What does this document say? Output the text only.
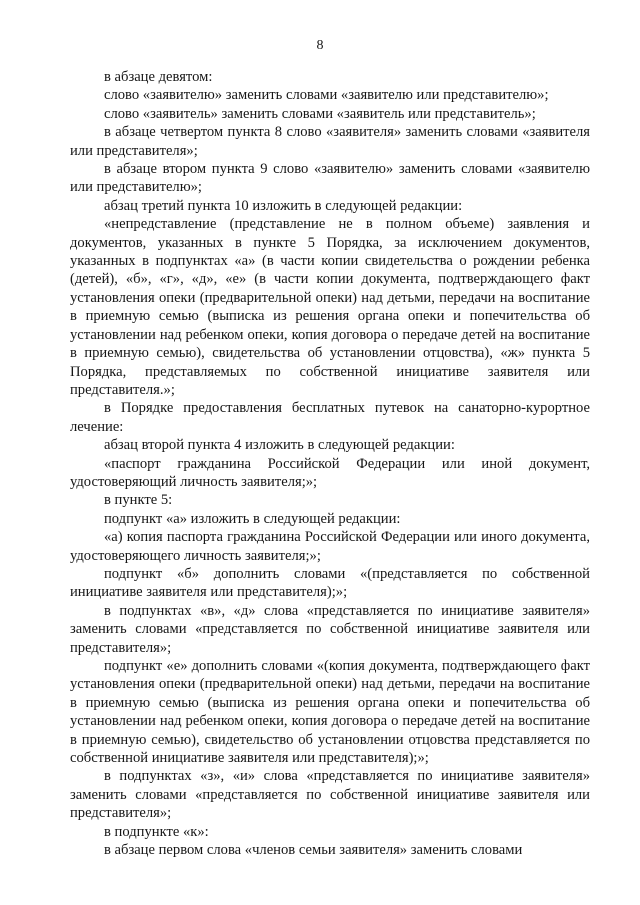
8

в абзаце девятом:

слово «заявителю» заменить словами «заявителю или представителю»;

слово «заявитель» заменить словами «заявитель или представитель»;

в абзаце четвертом пункта 8 слово «заявителя» заменить словами «заявителя или представителя»;

в абзаце втором пункта 9 слово «заявителю» заменить словами «заявителю или представителю»;

абзац третий пункта 10 изложить в следующей редакции:

«непредставление (представление не в полном объеме) заявления и документов, указанных в пункте 5 Порядка, за исключением документов, указанных в подпунктах «а» (в части копии свидетельства о рождении ребенка (детей), «б», «г», «д», «е» (в части копии документа, подтверждающего факт установления опеки (предварительной опеки) над детьми, передачи на воспитание в приемную семью (выписка из решения органа опеки и попечительства об установлении над ребенком опеки, копия договора о передаче детей на воспитание в приемную семью), свидетельства об установлении отцовства), «ж» пункта 5 Порядка, представляемых по собственной инициативе заявителя или представителя.»;

в Порядке предоставления бесплатных путевок на санаторно-курортное лечение:

абзац второй пункта 4 изложить в следующей редакции:

«паспорт гражданина Российской Федерации или иной документ, удостоверяющий личность заявителя;»;

в пункте 5:

подпункт «а» изложить в следующей редакции:

«а) копия паспорта гражданина Российской Федерации или иного документа, удостоверяющего личность заявителя;»;

подпункт «б» дополнить словами «(представляется по собственной инициативе заявителя или представителя);»;

в подпунктах «в», «д» слова «представляется по инициативе заявителя» заменить словами «представляется по собственной инициативе заявителя или представителя»;

подпункт «е» дополнить словами «(копия документа, подтверждающего факт установления опеки (предварительной опеки) над детьми, передачи на воспитание в приемную семью (выписка из решения органа опеки и попечительства об установлении над ребенком опеки, копия договора о передаче детей на воспитание в приемную семью), свидетельство об установлении отцовства представляется по собственной инициативе заявителя или представителя);»;

в подпунктах «з», «и» слова «представляется по инициативе заявителя» заменить словами «представляется по собственной инициативе заявителя или представителя»;

в подпункте «к»:

в абзаце первом слова «членов семьи заявителя» заменить словами
